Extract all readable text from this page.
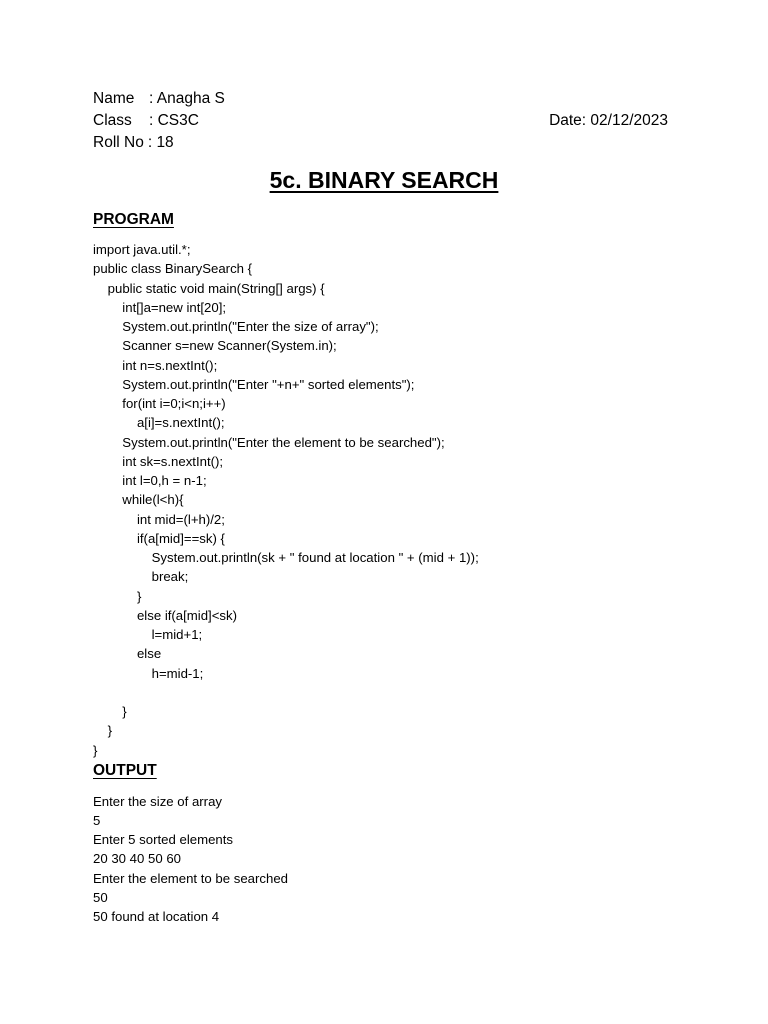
Name : Anagha S
Class : CS3C	Date: 02/12/2023
Roll No : 18
5c. BINARY SEARCH
PROGRAM
import java.util.*;
public class BinarySearch {
public static void main(String[] args) {
int[]a=new int[20];
System.out.println("Enter the size of array");
Scanner s=new Scanner(System.in);
int n=s.nextInt();
System.out.println("Enter "+n+" sorted elements");
for(int i=0;i<n;i++)
a[i]=s.nextInt();
System.out.println("Enter the element to be searched");
int sk=s.nextInt();
int l=0,h = n-1;
while(l<h){
int mid=(l+h)/2;
if(a[mid]==sk) {
System.out.println(sk + " found at location " + (mid + 1));
break;
}
else if(a[mid]<sk)
l=mid+1;
else
h=mid-1;
}
}
}
OUTPUT
Enter the size of array
5
Enter 5 sorted elements
20 30 40 50 60
Enter the element to be searched
50
50 found at location 4
